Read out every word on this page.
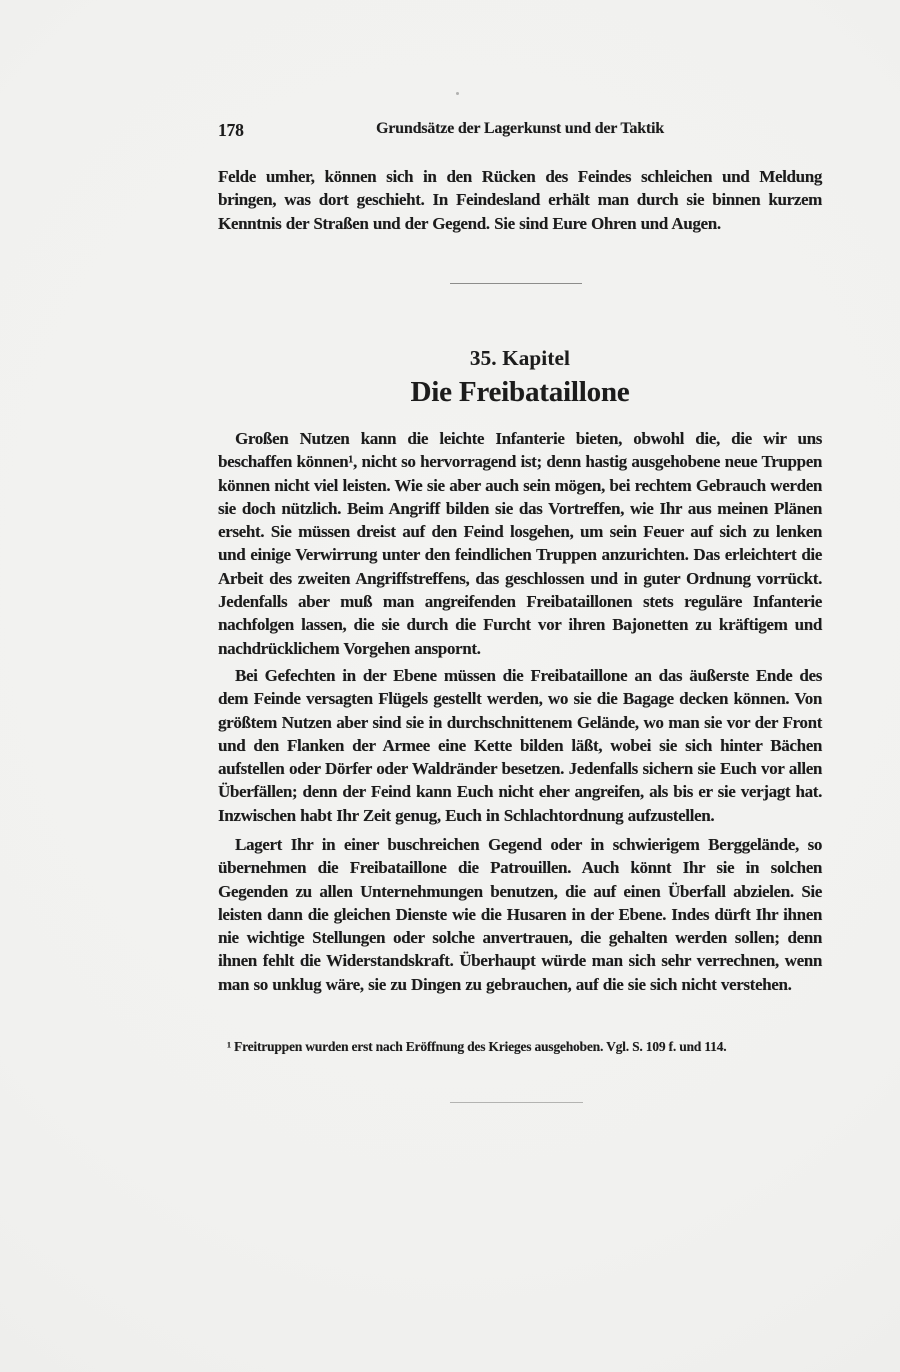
178	Grundsätze der Lagerkunst und der Taktik

Felde umher, können sich in den Rücken des Feindes schleichen und Meldung bringen, was dort geschieht. In Feindesland erhält man durch sie binnen kurzem Kenntnis der Straßen und der Gegend. Sie sind Eure Ohren und Augen.

35. Kapitel
Die Freibataillone

Großen Nutzen kann die leichte Infanterie bieten, obwohl die, die wir uns beschaffen können¹, nicht so hervorragend ist; denn hastig ausgehobene neue Truppen können nicht viel leisten. Wie sie aber auch sein mögen, bei rechtem Gebrauch werden sie doch nützlich. Beim Angriff bilden sie das Vortreffen, wie Ihr aus meinen Plänen erseht. Sie müssen dreist auf den Feind losgehen, um sein Feuer auf sich zu lenken und einige Verwirrung unter den feindlichen Truppen anzurichten. Das erleichtert die Arbeit des zweiten Angriffstreffens, das geschlossen und in guter Ordnung vorrückt. Jedenfalls aber muß man angreifenden Freibataillonen stets reguläre Infanterie nachfolgen lassen, die sie durch die Furcht vor ihren Bajonetten zu kräftigem und nachdrücklichem Vorgehen anspornt.

Bei Gefechten in der Ebene müssen die Freibataillone an das äußerste Ende des dem Feinde versagten Flügels gestellt werden, wo sie die Bagage decken können. Von größtem Nutzen aber sind sie in durchschnittenem Gelände, wo man sie vor der Front und den Flanken der Armee eine Kette bilden läßt, wobei sie sich hinter Bächen aufstellen oder Dörfer oder Waldränder besetzen. Jedenfalls sichern sie Euch vor allen Überfällen; denn der Feind kann Euch nicht eher angreifen, als bis er sie verjagt hat. Inzwischen habt Ihr Zeit genug, Euch in Schlachtordnung aufzustellen.

Lagert Ihr in einer buschreichen Gegend oder in schwierigem Berggelände, so übernehmen die Freibataillone die Patrouillen. Auch könnt Ihr sie in solchen Gegenden zu allen Unternehmungen benutzen, die auf einen Überfall abzielen. Sie leisten dann die gleichen Dienste wie die Husaren in der Ebene. Indes dürft Ihr ihnen nie wichtige Stellungen oder solche anvertrauen, die gehalten werden sollen; denn ihnen fehlt die Widerstandskraft. Überhaupt würde man sich sehr verrechnen, wenn man so unklug wäre, sie zu Dingen zu gebrauchen, auf die sie sich nicht verstehen.

¹ Freitruppen wurden erst nach Eröffnung des Krieges ausgehoben. Vgl. S. 109 f. und 114.
